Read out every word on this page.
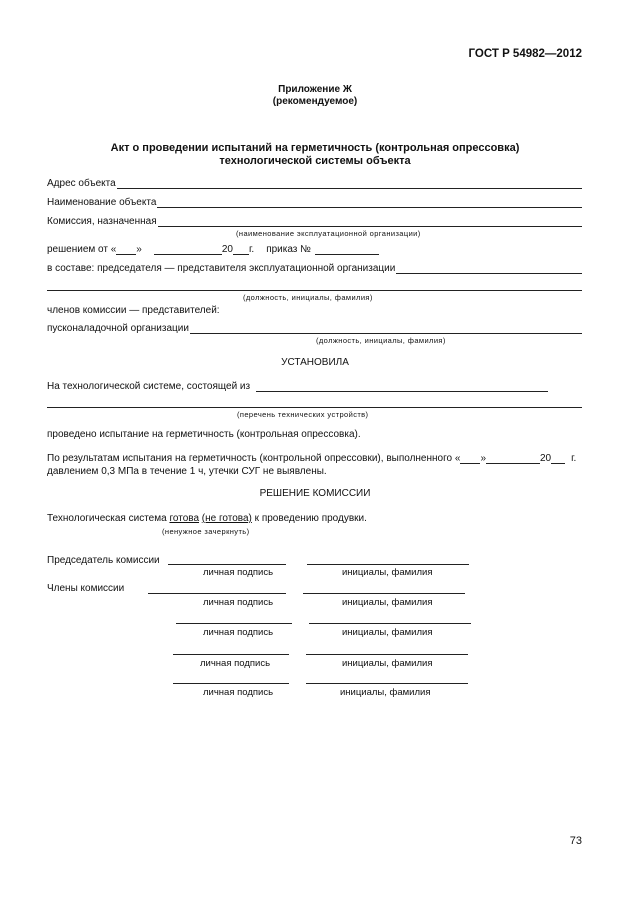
ГОСТ Р 54982—2012
Приложение Ж
(рекомендуемое)
Акт о проведении испытаний на герметичность (контрольная опрессовка)
технологической системы объекта
Адрес объекта
Наименование объекта
Комиссия, назначенная
(наименование эксплуатационной организации)
решением от « »	20 г. приказ №
в составе: председателя — представителя эксплуатационной организации
(должность, инициалы, фамилия)
членов комиссии — представителей:
пусконаладочной организации
(должность, инициалы, фамилия)
УСТАНОВИЛА
На технологической системе, состоящей из
(перечень технических устройств)
проведено испытание на герметичность (контрольная опрессовка).
По результатам испытания на герметичность (контрольной опрессовки), выполненного « »	20 г.
давлением 0,3 МПа в течение 1 ч, утечки СУГ не выявлены.
РЕШЕНИЕ КОМИССИИ
Технологическая система готова (не готова) к проведению продувки.
(ненужное зачеркнуть)
Председатель комиссии
личная подпись	инициалы, фамилия
Члены комиссии
личная подпись	инициалы, фамилия
личная подпись	инициалы, фамилия
личная подпись	инициалы, фамилия
личная подпись	инициалы, фамилия
73
